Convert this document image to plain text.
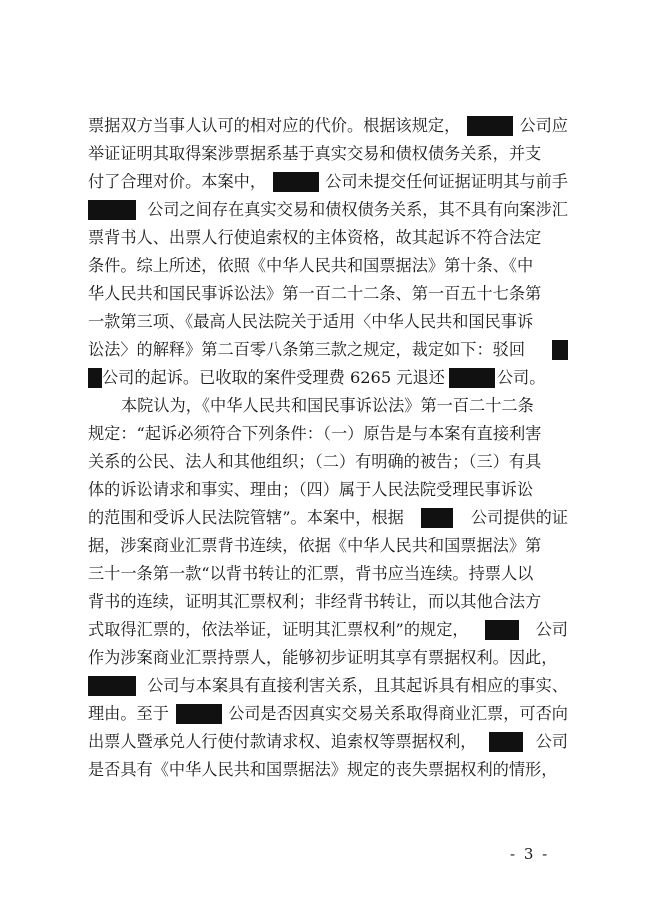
票据双方当事人认可的相对应的代价。根据该规定，	公司应
举证证明其取得案涉票据系基于真实交易和债权债务关系，并支
付了合理对价。本案中，	公司未提交任何证据证明其与前手
公司之间存在真实交易和债权债务关系，其不具有向案涉汇
票背书人、出票人行使追索权的主体资格，故其起诉不符合法定
条件。综上所述，依照《中华人民共和国票据法》第十条、《中
华人民共和国民事诉讼法》第一百二十二条、第一百五十七条第
一款第三项、《最高人民法院关于适用〈中华人民共和国民事诉
讼法〉的解释》第二百零八条第三款之规定，裁定如下：驳回
公司的起诉。已收取的案件受理费 6265 元退还	公司。
本院认为，《中华人民共和国民事诉讼法》第一百二十二条
规定：“起诉必须符合下列条件：（一）原告是与本案有直接利害
关系的公民、法人和其他组织；（二）有明确的被告；（三）有具
体的诉讼请求和事实、理由；（四）属于人民法院受理民事诉讼
的范围和受诉人民法院管辖”。本案中，根据	公司提供的证
据，涉案商业汇票背书连续，依据《中华人民共和国票据法》第
三十一条第一款“以背书转让的汇票，背书应当连续。持票人以
背书的连续，证明其汇票权利；非经背书转让，而以其他合法方
式取得汇票的，依法举证，证明其汇票权利”的规定，	公司
作为涉案商业汇票持票人，能够初步证明其享有票据权利。因此，
公司与本案具有直接利害关系，且其起诉具有相应的事实、
理由。至于	公司是否因真实交易关系取得商业汇票，可否向
出票人暨承兑人行使付款请求权、追索权等票据权利，	公司
是否具有《中华人民共和国票据法》规定的丧失票据权利的情形，
- 3 -
